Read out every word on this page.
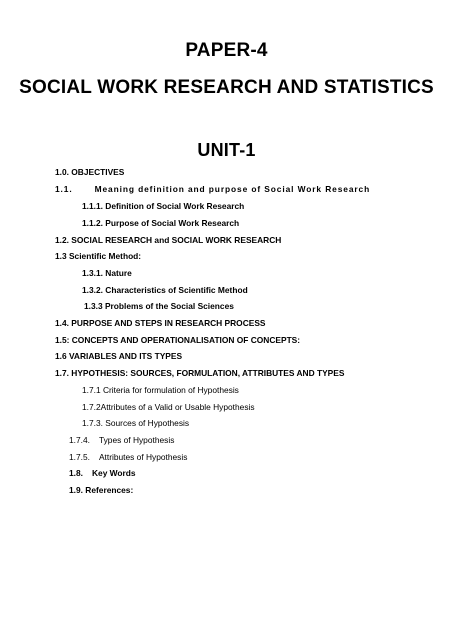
PAPER-4
SOCIAL WORK RESEARCH AND STATISTICS
UNIT-1
1.0. OBJECTIVES
1.1.	Meaning definition and purpose of Social Work Research
1.1.1. Definition of Social Work Research
1.1.2. Purpose of Social Work Research
1.2. SOCIAL RESEARCH and SOCIAL WORK RESEARCH
1.3 Scientific Method:
1.3.1. Nature
1.3.2. Characteristics of Scientific Method
1.3.3 Problems of the Social Sciences
1.4. PURPOSE AND STEPS IN RESEARCH PROCESS
1.5: CONCEPTS AND OPERATIONALISATION OF CONCEPTS:
1.6 VARIABLES AND ITS TYPES
1.7. HYPOTHESIS: SOURCES, FORMULATION, ATTRIBUTES AND TYPES
1.7.1 Criteria for formulation of Hypothesis
1.7.2Attributes of a Valid or Usable Hypothesis
1.7.3. Sources of Hypothesis
1.7.4. Types of Hypothesis
1.7.5. Attributes of Hypothesis
1.8. Key Words
1.9. References:
